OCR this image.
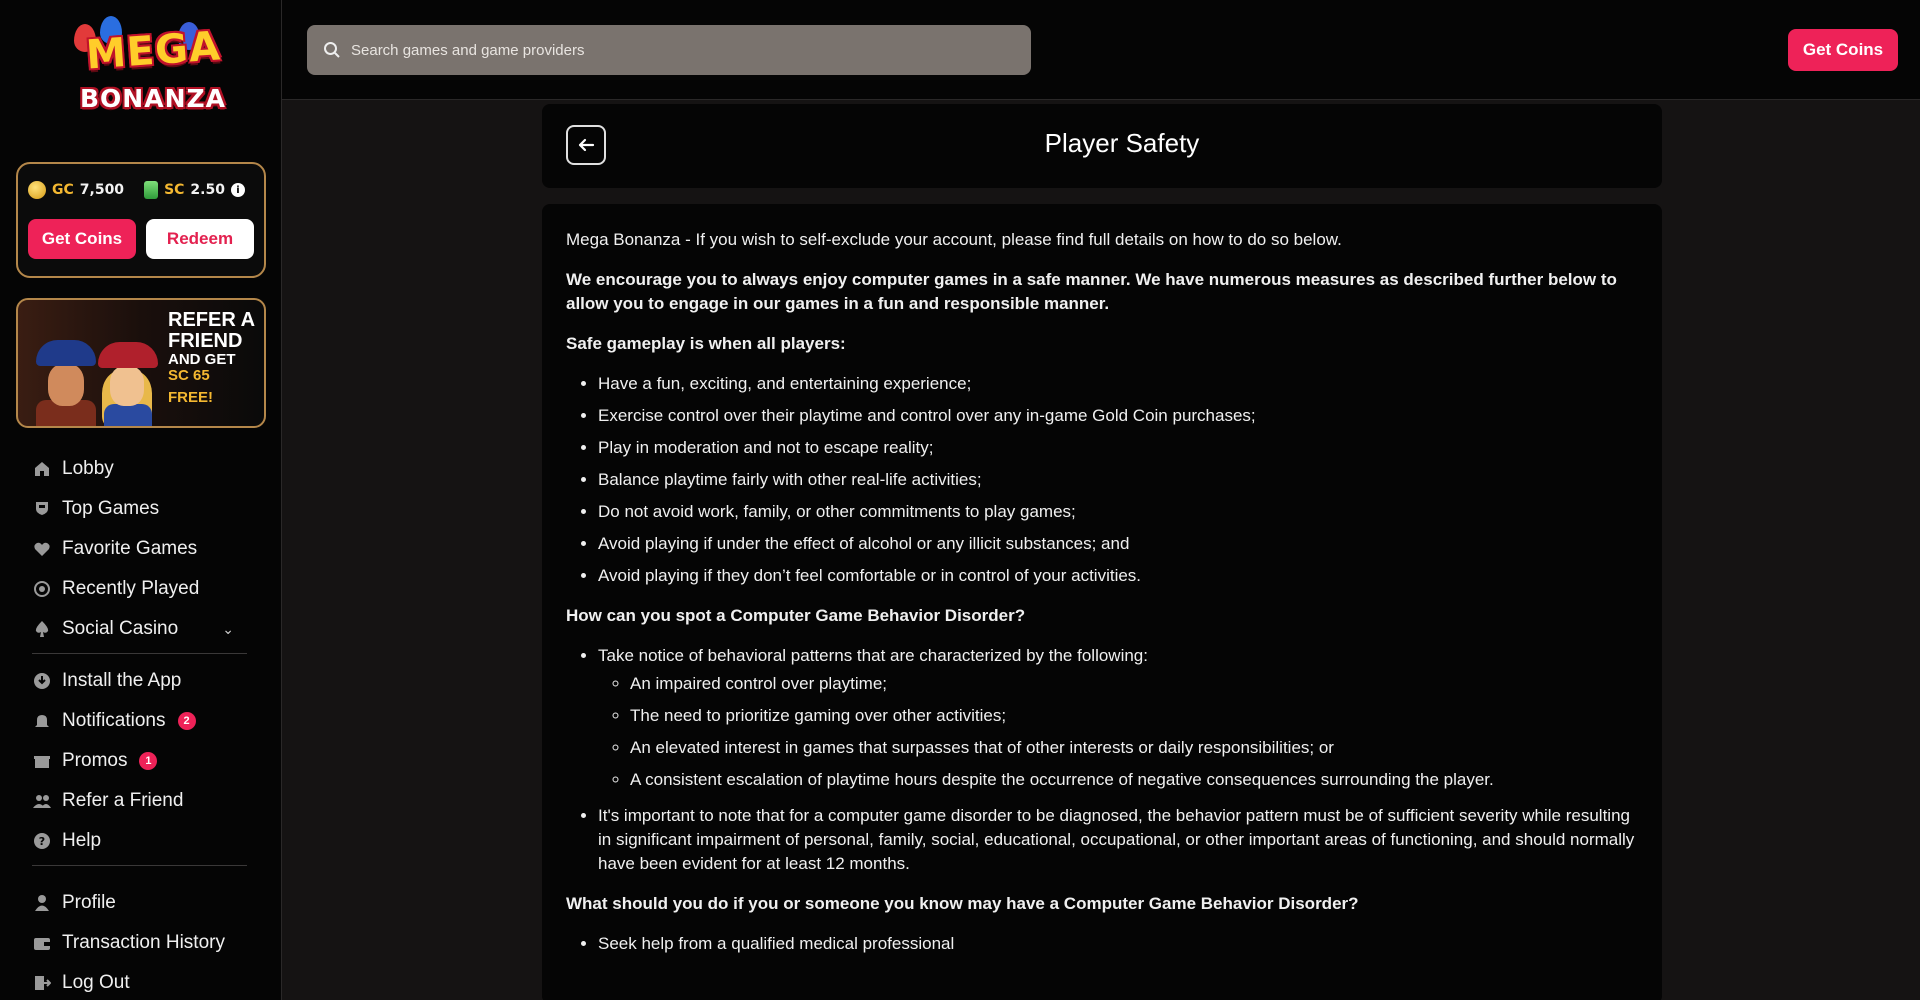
MEGA
BONANZA
GC 7,500	SC 2.50	i
Get Coins	Redeem
REFER A
FRIEND
AND GET
SC 65
FREE!
Lobby
Top Games
Favorite Games
Recently Played
Social Casino	⌄
Install the App
Notifications	2
Promos	1
Refer a Friend
? Help
Profile
Transaction History
Log Out
Search games and game providers
Get Coins
Player Safety

Mega Bonanza - If you wish to self-exclude your account, please find full details on how to do so below.

We encourage you to always enjoy computer games in a safe manner. We have numerous measures as described further below to allow you to engage in our games in a fun and responsible manner.

Safe gameplay is when all players:

• Have a fun, exciting, and entertaining experience;
• Exercise control over their playtime and control over any in-game Gold Coin purchases;
• Play in moderation and not to escape reality;
• Balance playtime fairly with other real-life activities;
• Do not avoid work, family, or other commitments to play games;
• Avoid playing if under the effect of alcohol or any illicit substances; and
• Avoid playing if they don’t feel comfortable or in control of your activities.

How can you spot a Computer Game Behavior Disorder?

• Take notice of behavioral patterns that are characterized by the following:
◦ An impaired control over playtime;
◦ The need to prioritize gaming over other activities;
◦ An elevated interest in games that surpasses that of other interests or daily responsibilities; or
◦ A consistent escalation of playtime hours despite the occurrence of negative consequences surrounding the player.
• It's important to note that for a computer game disorder to be diagnosed, the behavior pattern must be of sufficient severity while resulting in significant impairment of personal, family, social, educational, occupational, or other important areas of functioning, and should normally have been evident for at least 12 months.

What should you do if you or someone you know may have a Computer Game Behavior Disorder?

• Seek help from a qualified medical professional
